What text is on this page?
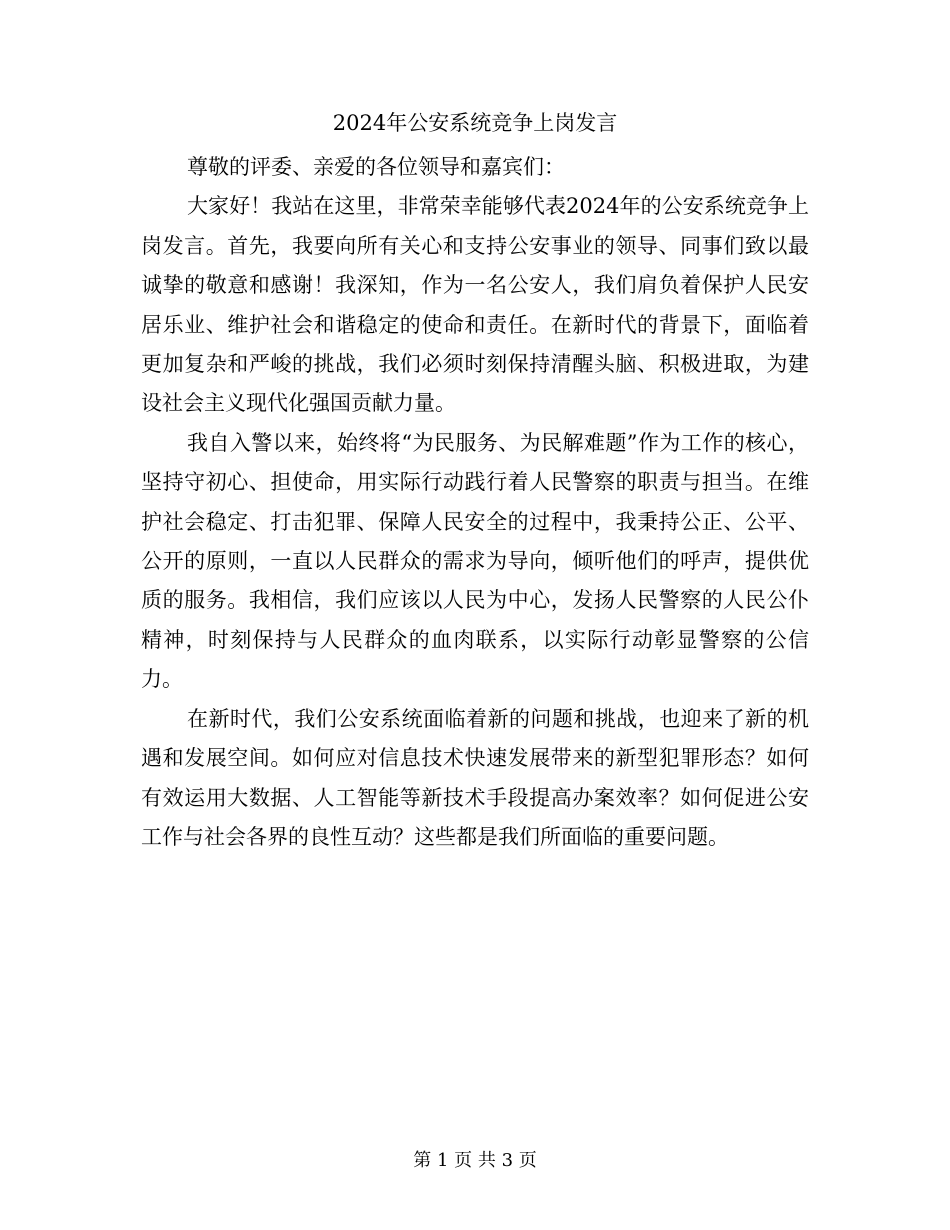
2024年公安系统竞争上岗发言

尊敬的评委、亲爱的各位领导和嘉宾们：

大家好！我站在这里，非常荣幸能够代表2024年的公安系统竞争上岗发言。首先，我要向所有关心和支持公安事业的领导、同事们致以最诚挚的敬意和感谢！我深知，作为一名公安人，我们肩负着保护人民安居乐业、维护社会和谐稳定的使命和责任。在新时代的背景下，面临着更加复杂和严峻的挑战，我们必须时刻保持清醒头脑、积极进取，为建设社会主义现代化强国贡献力量。

我自入警以来，始终将“为民服务、为民解难题”作为工作的核心，坚持守初心、担使命，用实际行动践行着人民警察的职责与担当。在维护社会稳定、打击犯罪、保障人民安全的过程中，我秉持公正、公平、公开的原则，一直以人民群众的需求为导向，倾听他们的呼声，提供优质的服务。我相信，我们应该以人民为中心，发扬人民警察的人民公仆精神，时刻保持与人民群众的血肉联系，以实际行动彰显警察的公信力。

在新时代，我们公安系统面临着新的问题和挑战，也迎来了新的机遇和发展空间。如何应对信息技术快速发展带来的新型犯罪形态？如何有效运用大数据、人工智能等新技术手段提高办案效率？如何促进公安工作与社会各界的良性互动？这些都是我们所面临的重要问题。

第 1 页 共 3 页
